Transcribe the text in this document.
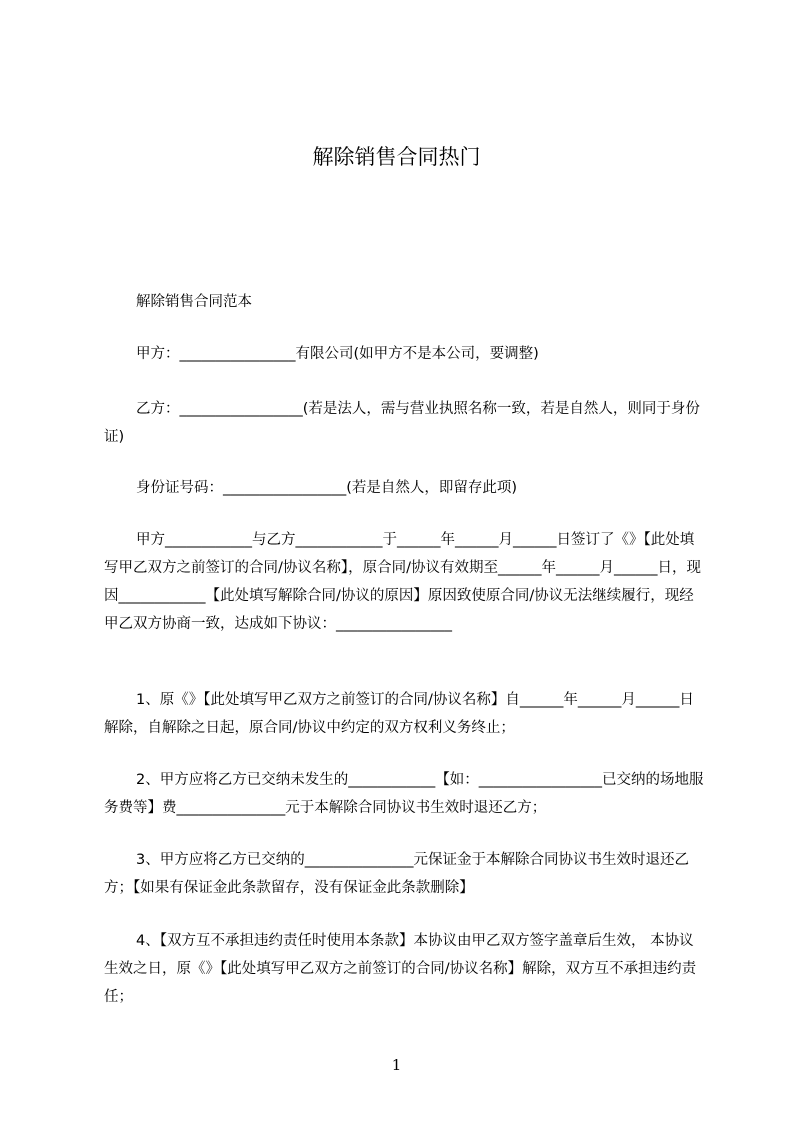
解除销售合同热门

解除销售合同范本

甲方：________________有限公司(如甲方不是本公司，要调整)

乙方：_________________(若是法人，需与营业执照名称一致，若是自然人，则同于身份证)

身份证号码：_________________(若是自然人，即留存此项)

甲方____________与乙方____________于______年______月______日签订了《》【此处填写甲乙双方之前签订的合同/协议名称】，原合同/协议有效期至______年______月______日，现因____________【此处填写解除合同/协议的原因】原因致使原合同/协议无法继续履行，现经甲乙双方协商一致，达成如下协议：________________

1、原《》【此处填写甲乙双方之前签订的合同/协议名称】自______年______月______日解除，自解除之日起，原合同/协议中约定的双方权利义务终止；

2、甲方应将乙方已交纳未发生的____________【如：_________________已交纳的场地服务费等】费_______________元于本解除合同协议书生效时退还乙方；

3、甲方应将乙方已交纳的_______________元保证金于本解除合同协议书生效时退还乙方；【如果有保证金此条款留存，没有保证金此条款删除】

4、【双方互不承担违约责任时使用本条款】本协议由甲乙双方签字盖章后生效， 本协议生效之日，原《》【此处填写甲乙双方之前签订的合同/协议名称】解除，双方互不承担违约责任；

1
